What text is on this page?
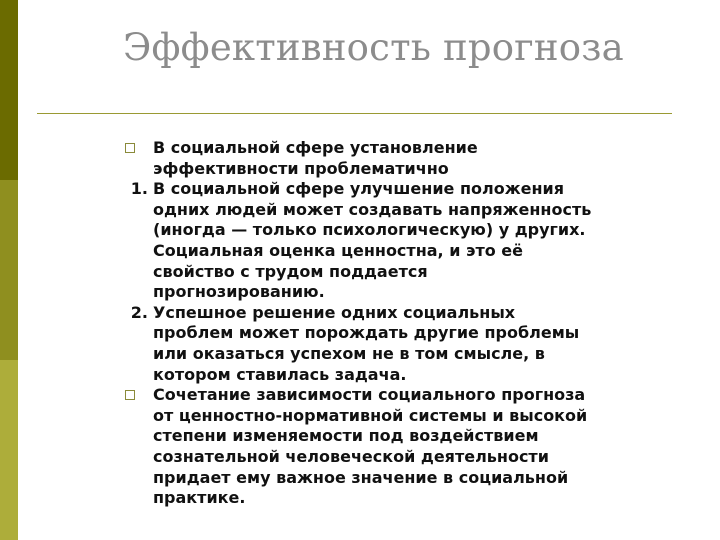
Эффективность прогноза
В социальной сфере установление
эффективности проблематично
1. В социальной сфере улучшение положения
одних людей может создавать напряженность
(иногда — только психологическую) у других.
Социальная оценка ценностна, и это её
свойство с трудом поддается
прогнозированию.
2. Успешное решение одних социальных
проблем может порождать другие проблемы
или оказаться успехом не в том смысле, в
котором ставилась задача.
Сочетание зависимости социального прогноза
от ценностно-нормативной системы и высокой
степени изменяемости под воздействием
сознательной человеческой деятельности
придает ему важное значение в социальной
практике.
